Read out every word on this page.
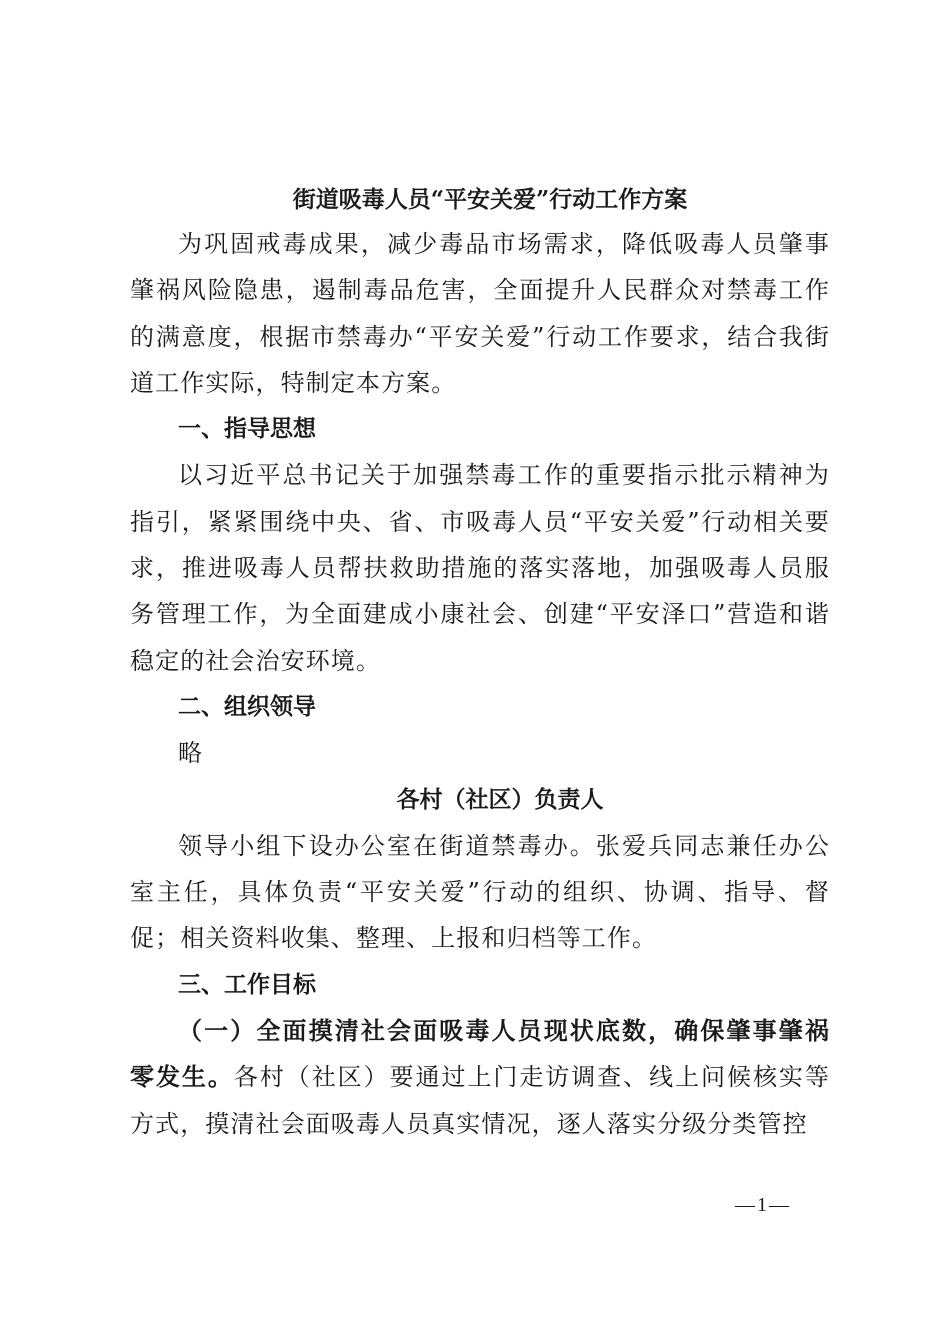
街道吸毒人员“平安关爱”行动工作方案

为巩固戒毒成果，减少毒品市场需求，降低吸毒人员肇事肇祸风险隐患，遏制毒品危害，全面提升人民群众对禁毒工作的满意度，根据市禁毒办“平安关爱”行动工作要求，结合我街道工作实际，特制定本方案。

一、指导思想

以习近平总书记关于加强禁毒工作的重要指示批示精神为指引，紧紧围绕中央、省、市吸毒人员“平安关爱”行动相关要求，推进吸毒人员帮扶救助措施的落实落地，加强吸毒人员服务管理工作，为全面建成小康社会、创建“平安泽口”营造和谐稳定的社会治安环境。

二、组织领导

略

各村（社区）负责人

领导小组下设办公室在街道禁毒办。张爱兵同志兼任办公室主任，具体负责“平安关爱”行动的组织、协调、指导、督促；相关资料收集、整理、上报和归档等工作。

三、工作目标

（一）全面摸清社会面吸毒人员现状底数，确保肇事肇祸零发生。各村（社区）要通过上门走访调查、线上问候核实等方式，摸清社会面吸毒人员真实情况，逐人落实分级分类管控

—1—
